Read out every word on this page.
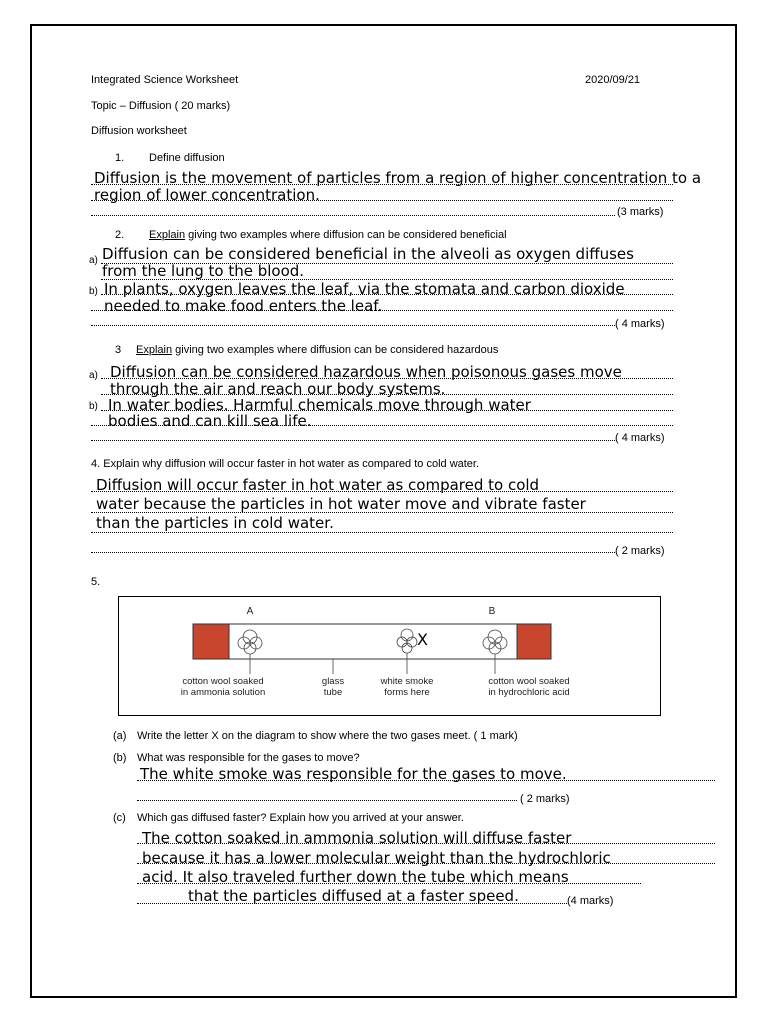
Integrated Science Worksheet	2020/09/21
Topic – Diffusion ( 20 marks)
Diffusion worksheet
1. Define diffusion
Diffusion is the movement of particles from a region of higher concentration to a
region of lower concentration.
(3 marks)
2. Explain giving two examples where diffusion can be considered beneficial
a) Diffusion can be considered beneficial in the alveoli as oxygen diffuses
from the lung to the blood.
b) In plants, oxygen leaves the leaf, via the stomata and carbon dioxide
needed to make food enters the leaf.
( 4 marks)
3 Explain giving two examples where diffusion can be considered hazardous
a) Diffusion can be considered hazardous when poisonous gases move
through the air and reach our body systems.
b) In water bodies. Harmful chemicals move through water
bodies and can kill sea life.
( 4 marks)
4. Explain why diffusion will occur faster in hot water as compared to cold water.
Diffusion will occur faster in hot water as compared to cold
water because the particles in hot water move and vibrate faster
than the particles in cold water.
( 2 marks)
5.
A	B
X
cotton wool soaked
in ammonia solution
glass
tube
white smoke
forms here
cotton wool soaked
in hydrochloric acid
(a) Write the letter X on the diagram to show where the two gases meet. ( 1 mark)
(b) What was responsible for the gases to move?
The white smoke was responsible for the gases to move.
( 2 marks)
(c) Which gas diffused faster? Explain how you arrived at your answer.
The cotton soaked in ammonia solution will diffuse faster
because it has a lower molecular weight than the hydrochloric
acid. It also traveled further down the tube which means
that the particles diffused at a faster speed.	(4 marks)
